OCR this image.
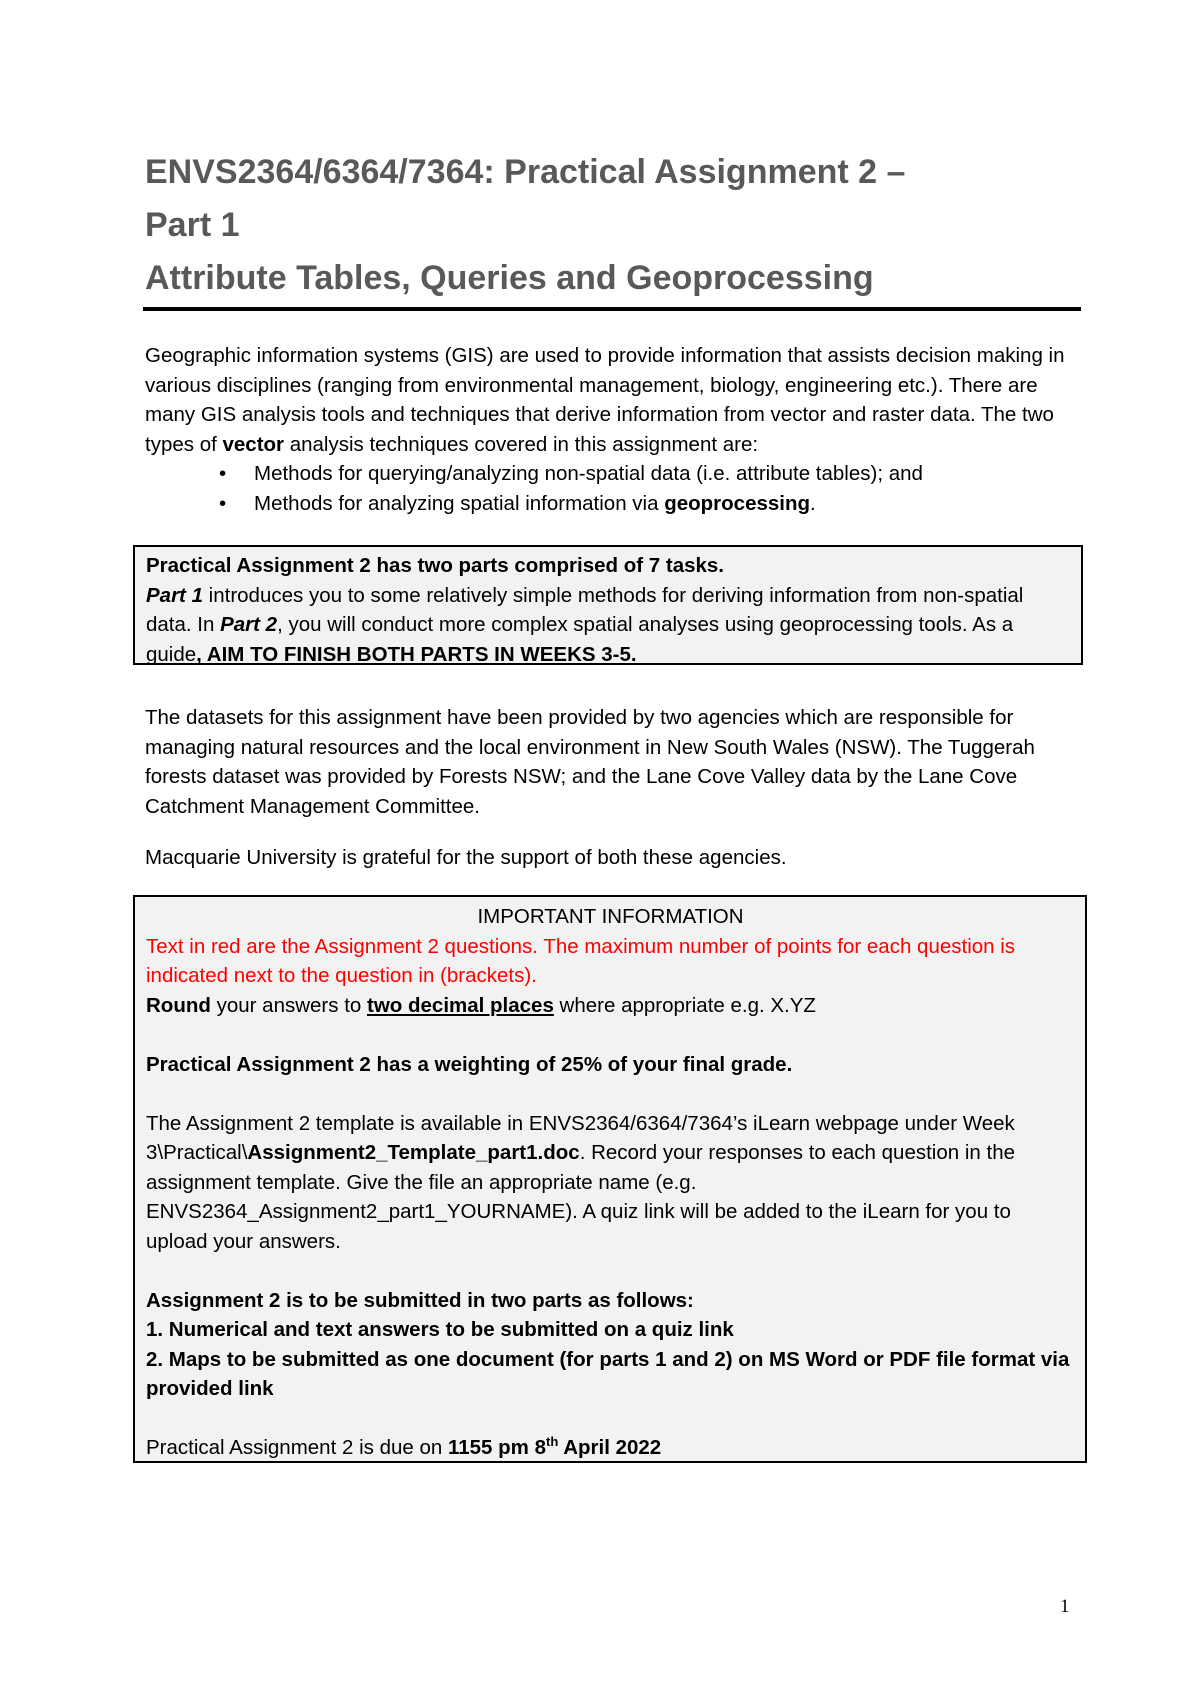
ENVS2364/6364/7364: Practical Assignment 2 –
Part 1
Attribute Tables, Queries and Geoprocessing
Geographic information systems (GIS) are used to provide information that assists decision making in various disciplines (ranging from environmental management, biology, engineering etc.). There are many GIS analysis tools and techniques that derive information from vector and raster data. The two types of vector analysis techniques covered in this assignment are:
• Methods for querying/analyzing non-spatial data (i.e. attribute tables); and
• Methods for analyzing spatial information via geoprocessing.
Practical Assignment 2 has two parts comprised of 7 tasks.
Part 1 introduces you to some relatively simple methods for deriving information from non-spatial data. In Part 2, you will conduct more complex spatial analyses using geoprocessing tools. As a guide, AIM TO FINISH BOTH PARTS IN WEEKS 3-5.
The datasets for this assignment have been provided by two agencies which are responsible for managing natural resources and the local environment in New South Wales (NSW). The Tuggerah forests dataset was provided by Forests NSW; and the Lane Cove Valley data by the Lane Cove Catchment Management Committee.
Macquarie University is grateful for the support of both these agencies.
IMPORTANT INFORMATION
Text in red are the Assignment 2 questions. The maximum number of points for each question is indicated next to the question in (brackets).
Round your answers to two decimal places where appropriate e.g. X.YZ
Practical Assignment 2 has a weighting of 25% of your final grade.
The Assignment 2 template is available in ENVS2364/6364/7364’s iLearn webpage under Week 3\Practical\Assignment2_Template_part1.doc. Record your responses to each question in the assignment template. Give the file an appropriate name (e.g. ENVS2364_Assignment2_part1_YOURNAME). A quiz link will be added to the iLearn for you to upload your answers.
Assignment 2 is to be submitted in two parts as follows:
1. Numerical and text answers to be submitted on a quiz link
2. Maps to be submitted as one document (for parts 1 and 2) on MS Word or PDF file format via provided link
Practical Assignment 2 is due on 1155 pm 8th April 2022
1
